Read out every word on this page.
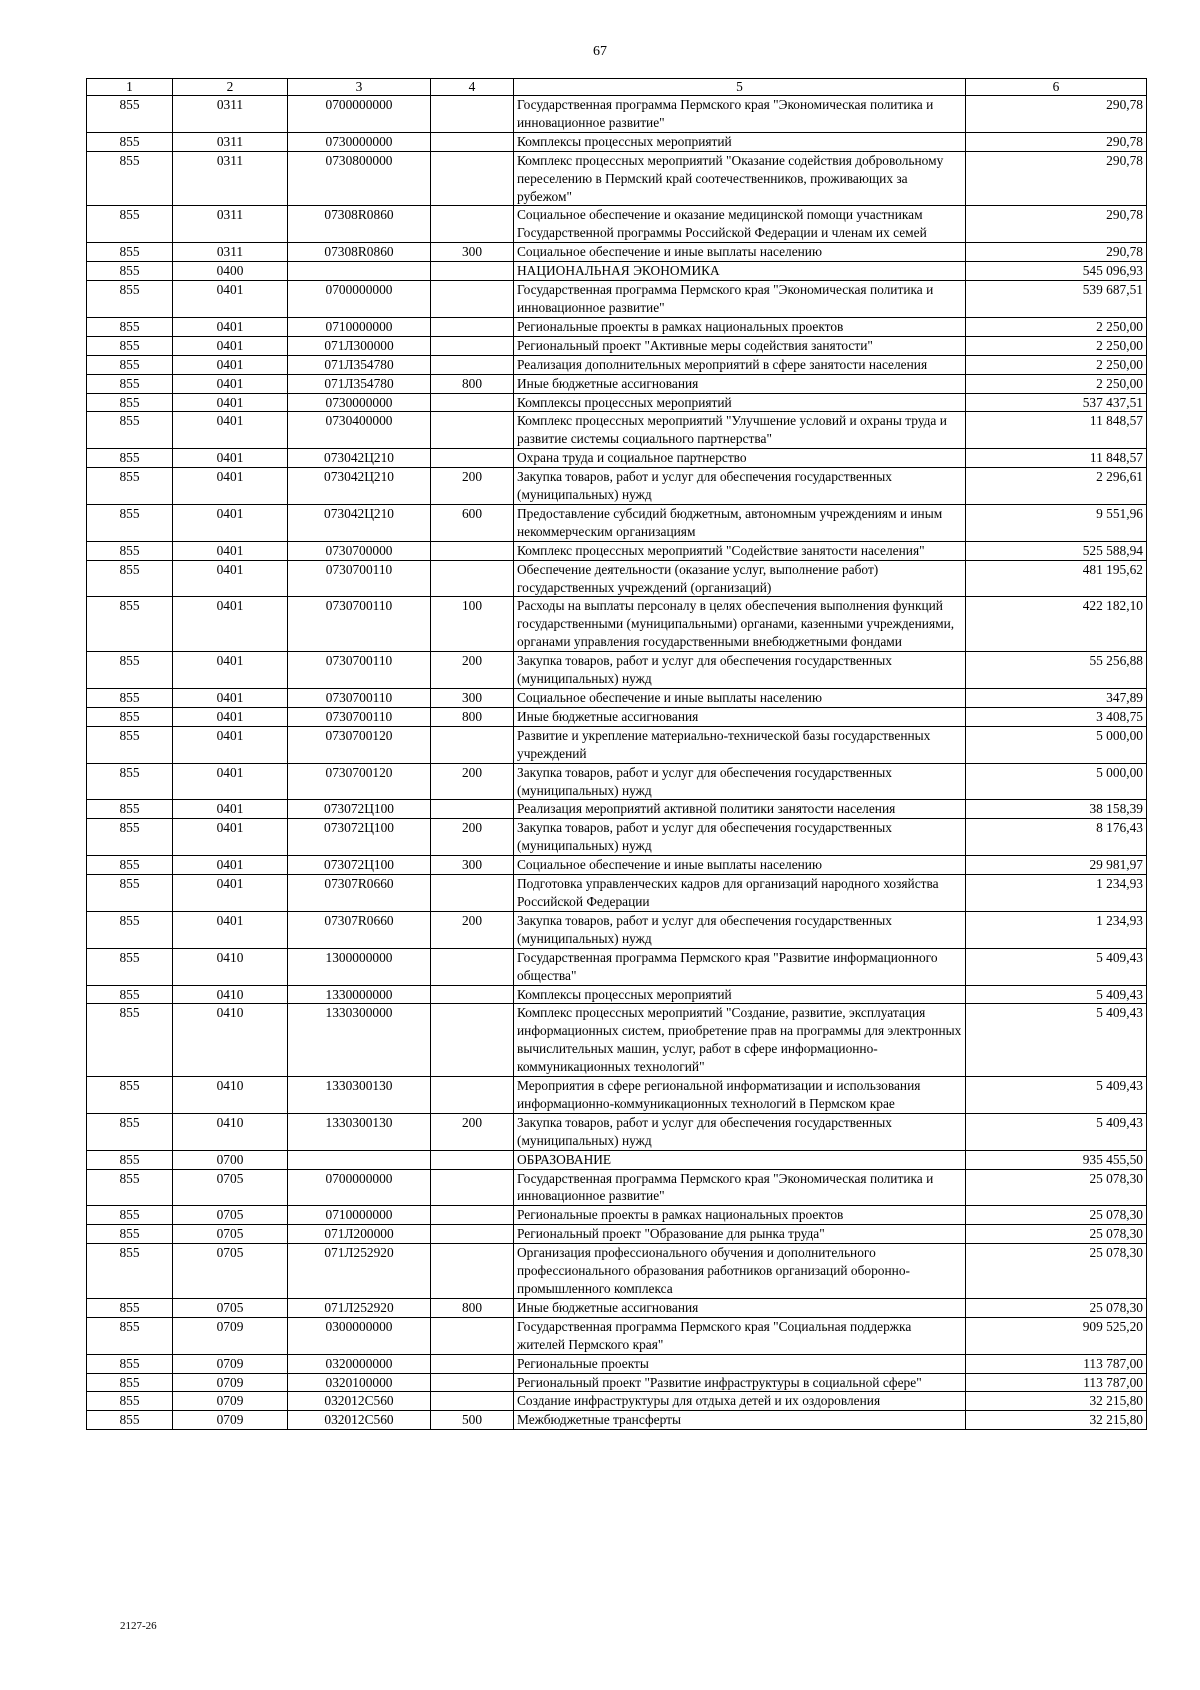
67
1	2	3	4	5	6
855	0311	0700000000		Государственная программа Пермского края "Экономическая политика и инновационное развитие"	290,78
855	0311	0730000000		Комплексы процессных мероприятий	290,78
855	0311	0730800000		Комплекс процессных мероприятий "Оказание содействия добровольному переселению в Пермский край соотечественников, проживающих за рубежом"	290,78
855	0311	07308R0860		Социальное обеспечение и оказание медицинской помощи участникам Государственной программы Российской Федерации и членам их семей	290,78
855	0311	07308R0860	300	Социальное обеспечение и иные выплаты населению	290,78
855	0400			НАЦИОНАЛЬНАЯ ЭКОНОМИКА	545 096,93
855	0401	0700000000		Государственная программа Пермского края "Экономическая политика и инновационное развитие"	539 687,51
855	0401	0710000000		Региональные проекты в рамках национальных проектов	2 250,00
855	0401	071Л300000		Региональный проект "Активные меры содействия занятости"	2 250,00
855	0401	071Л354780		Реализация дополнительных мероприятий в сфере занятости населения	2 250,00
855	0401	071Л354780	800	Иные бюджетные ассигнования	2 250,00
855	0401	0730000000		Комплексы процессных мероприятий	537 437,51
855	0401	0730400000		Комплекс процессных мероприятий "Улучшение условий и охраны труда и развитие системы социального партнерства"	11 848,57
855	0401	073042Ц210		Охрана труда и социальное партнерство	11 848,57
855	0401	073042Ц210	200	Закупка товаров, работ и услуг для обеспечения государственных (муниципальных) нужд	2 296,61
855	0401	073042Ц210	600	Предоставление субсидий бюджетным, автономным учреждениям и иным некоммерческим организациям	9 551,96
855	0401	0730700000		Комплекс процессных мероприятий "Содействие занятости населения"	525 588,94
855	0401	0730700110		Обеспечение деятельности (оказание услуг, выполнение работ) государственных учреждений (организаций)	481 195,62
855	0401	0730700110	100	Расходы на выплаты персоналу в целях обеспечения выполнения функций государственными (муниципальными) органами, казенными учреждениями, органами управления государственными внебюджетными фондами	422 182,10
855	0401	0730700110	200	Закупка товаров, работ и услуг для обеспечения государственных (муниципальных) нужд	55 256,88
855	0401	0730700110	300	Социальное обеспечение и иные выплаты населению	347,89
855	0401	0730700110	800	Иные бюджетные ассигнования	3 408,75
855	0401	0730700120		Развитие и укрепление материально-технической базы государственных учреждений	5 000,00
855	0401	0730700120	200	Закупка товаров, работ и услуг для обеспечения государственных (муниципальных) нужд	5 000,00
855	0401	073072Ц100		Реализация мероприятий активной политики занятости населения	38 158,39
855	0401	073072Ц100	200	Закупка товаров, работ и услуг для обеспечения государственных (муниципальных) нужд	8 176,43
855	0401	073072Ц100	300	Социальное обеспечение и иные выплаты населению	29 981,97
855	0401	07307R0660		Подготовка управленческих кадров для организаций народного хозяйства Российской Федерации	1 234,93
855	0401	07307R0660	200	Закупка товаров, работ и услуг для обеспечения государственных (муниципальных) нужд	1 234,93
855	0410	1300000000		Государственная программа Пермского края "Развитие информационного общества"	5 409,43
855	0410	1330000000		Комплексы процессных мероприятий	5 409,43
855	0410	1330300000		Комплекс процессных мероприятий "Создание, развитие, эксплуатация информационных систем, приобретение прав на программы для электронных вычислительных машин, услуг, работ в сфере информационно-коммуникационных технологий"	5 409,43
855	0410	1330300130		Мероприятия в сфере региональной информатизации и использования информационно-коммуникационных технологий в Пермском крае	5 409,43
855	0410	1330300130	200	Закупка товаров, работ и услуг для обеспечения государственных (муниципальных) нужд	5 409,43
855	0700			ОБРАЗОВАНИЕ	935 455,50
855	0705	0700000000		Государственная программа Пермского края "Экономическая политика и инновационное развитие"	25 078,30
855	0705	0710000000		Региональные проекты в рамках национальных проектов	25 078,30
855	0705	071Л200000		Региональный проект "Образование для рынка труда"	25 078,30
855	0705	071Л252920		Организация профессионального обучения и дополнительного профессионального образования работников организаций оборонно-промышленного комплекса	25 078,30
855	0705	071Л252920	800	Иные бюджетные ассигнования	25 078,30
855	0709	0300000000		Государственная программа Пермского края "Социальная поддержка жителей Пермского края"	909 525,20
855	0709	0320000000		Региональные проекты	113 787,00
855	0709	0320100000		Региональный проект "Развитие инфраструктуры в социальной сфере"	113 787,00
855	0709	032012С560		Создание инфраструктуры для отдыха детей и их оздоровления	32 215,80
855	0709	032012С560	500	Межбюджетные трансферты	32 215,80
2127-26
